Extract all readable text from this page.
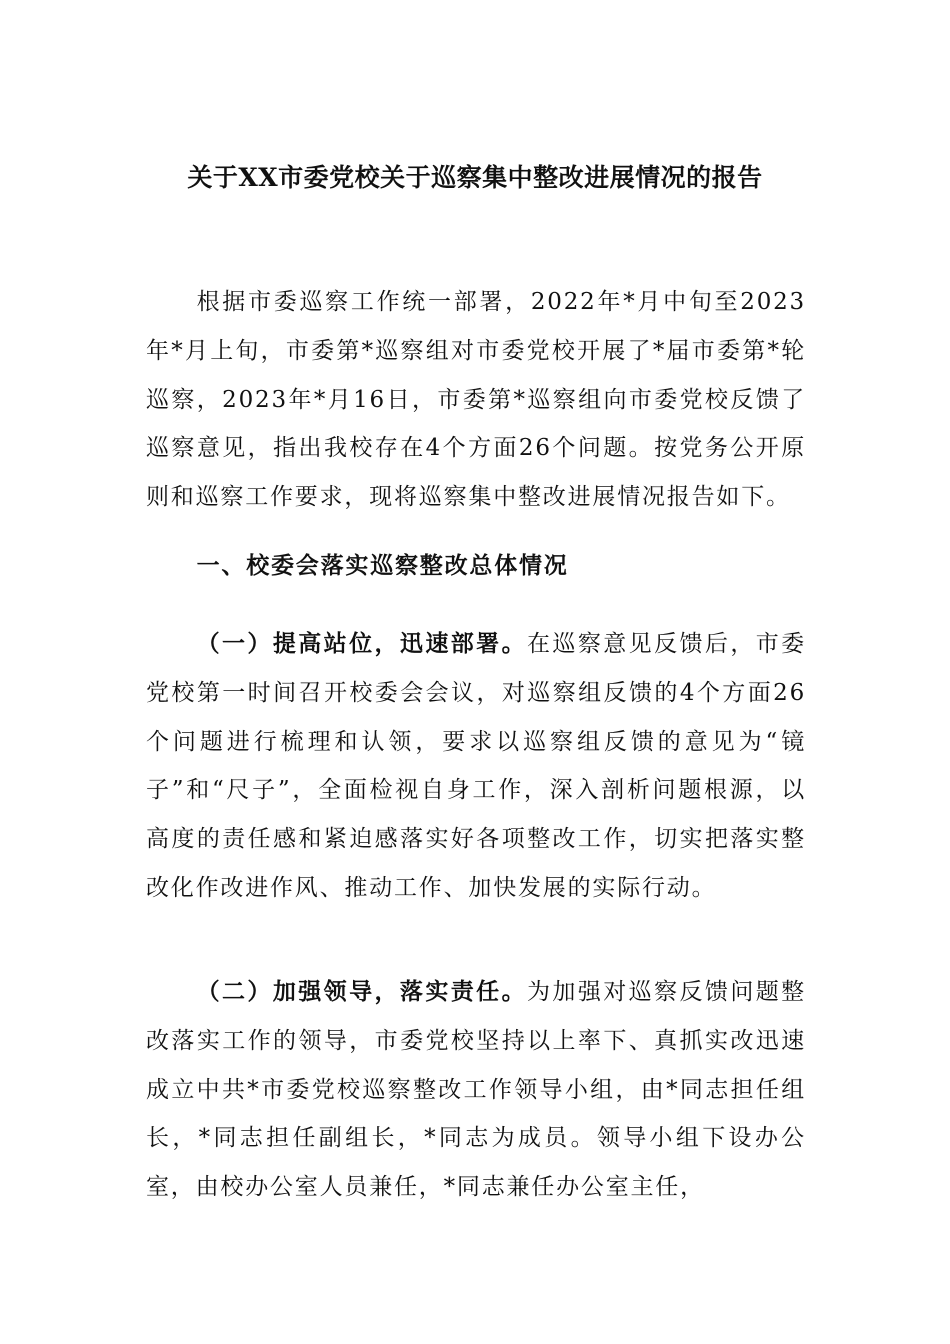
关于XX市委党校关于巡察集中整改进展情况的报告
根据市委巡察工作统一部署，2022年*月中旬至2023年*月上旬，市委第*巡察组对市委党校开展了*届市委第*轮巡察，2023年*月16日，市委第*巡察组向市委党校反馈了巡察意见，指出我校存在4个方面26个问题。按党务公开原则和巡察工作要求，现将巡察集中整改进展情况报告如下。
一、校委会落实巡察整改总体情况
（一）提高站位，迅速部署。在巡察意见反馈后，市委党校第一时间召开校委会会议，对巡察组反馈的4个方面26个问题进行梳理和认领，要求以巡察组反馈的意见为“镜子”和“尺子”，全面检视自身工作，深入剖析问题根源，以高度的责任感和紧迫感落实好各项整改工作，切实把落实整改化作改进作风、推动工作、加快发展的实际行动。
（二）加强领导，落实责任。为加强对巡察反馈问题整改落实工作的领导，市委党校坚持以上率下、真抓实改迅速成立中共*市委党校巡察整改工作领导小组，由*同志担任组长，*同志担任副组长，*同志为成员。领导小组下设办公室，由校办公室人员兼任，*同志兼任办公室主任，
